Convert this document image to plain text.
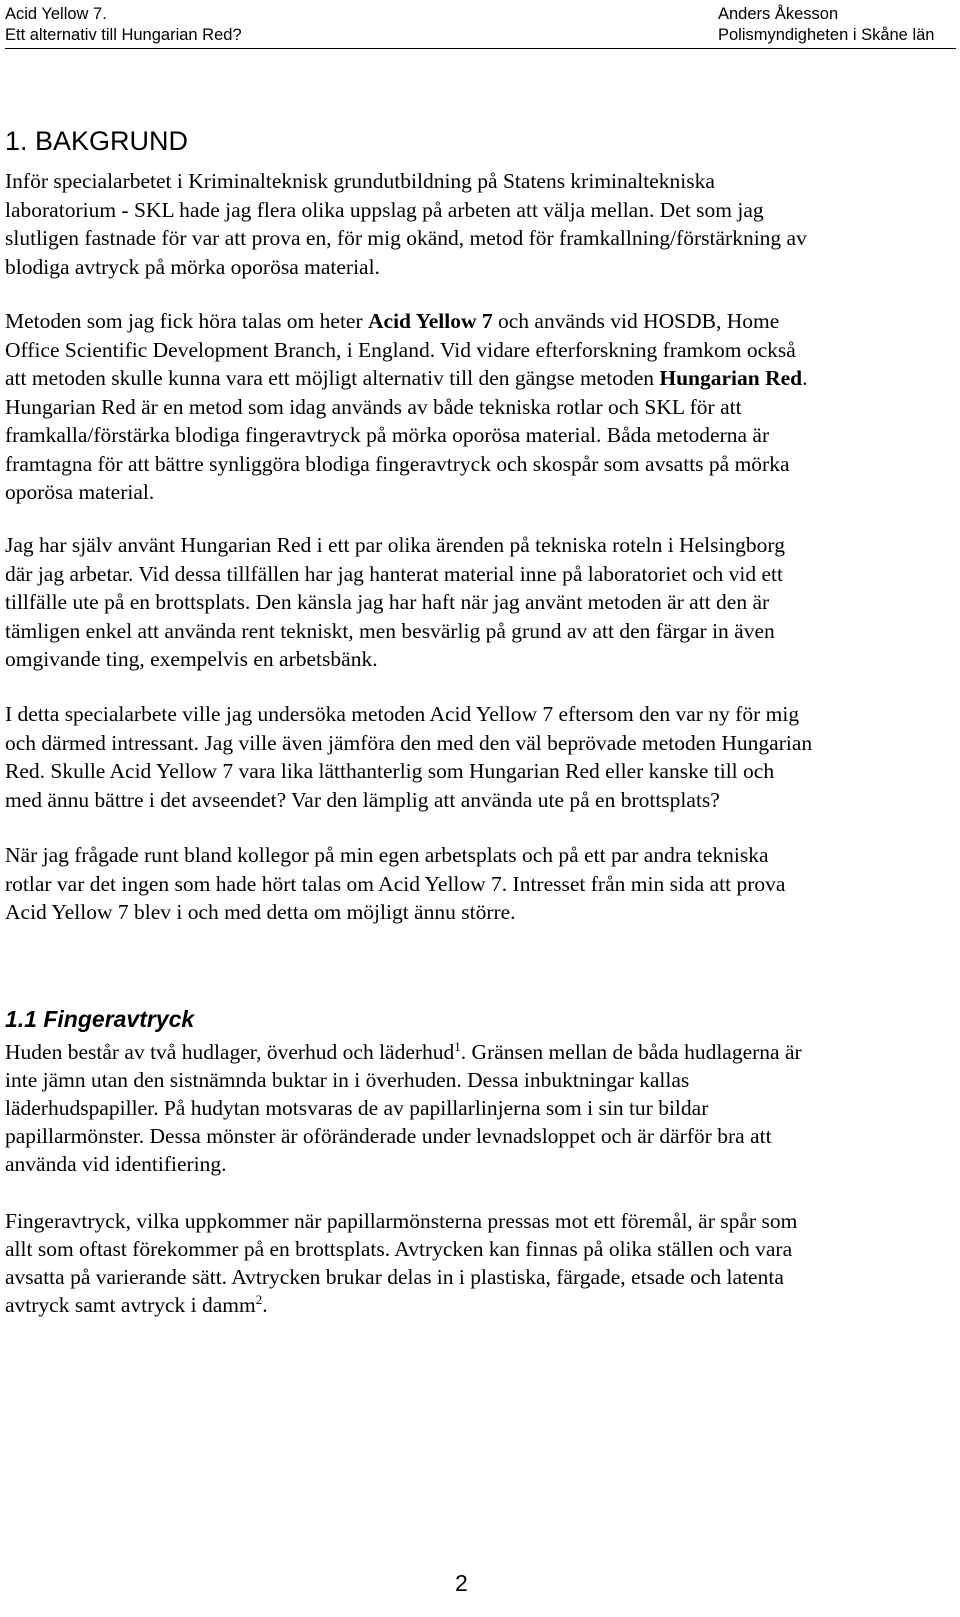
Acid Yellow 7.
Ett alternativ till Hungarian Red?
Anders Åkesson
Polismyndigheten i Skåne län
1. BAKGRUND

Inför specialarbetet i Kriminalteknisk grundutbildning på Statens kriminaltekniska
laboratorium - SKL hade jag flera olika uppslag på arbeten att välja mellan. Det som jag
slutligen fastnade för var att prova en, för mig okänd, metod för framkallning/förstärkning av
blodiga avtryck på mörka oporösa material.

Metoden som jag fick höra talas om heter Acid Yellow 7 och används vid HOSDB, Home
Office Scientific Development Branch, i England. Vid vidare efterforskning framkom också
att metoden skulle kunna vara ett möjligt alternativ till den gängse metoden Hungarian Red.
Hungarian Red är en metod som idag används av både tekniska rotlar och SKL för att
framkalla/förstärka blodiga fingeravtryck på mörka oporösa material. Båda metoderna är
framtagna för att bättre synliggöra blodiga fingeravtryck och skospår som avsatts på mörka
oporösa material.

Jag har själv använt Hungarian Red i ett par olika ärenden på tekniska roteln i Helsingborg
där jag arbetar. Vid dessa tillfällen har jag hanterat material inne på laboratoriet och vid ett
tillfälle ute på en brottsplats. Den känsla jag har haft när jag använt metoden är att den är
tämligen enkel att använda rent tekniskt, men besvärlig på grund av att den färgar in även
omgivande ting, exempelvis en arbetsbänk.

I detta specialarbete ville jag undersöka metoden Acid Yellow 7 eftersom den var ny för mig
och därmed intressant. Jag ville även jämföra den med den väl beprövade metoden Hungarian
Red. Skulle Acid Yellow 7 vara lika lätthanterlig som Hungarian Red eller kanske till och
med ännu bättre i det avseendet? Var den lämplig att använda ute på en brottsplats?

När jag frågade runt bland kollegor på min egen arbetsplats och på ett par andra tekniska
rotlar var det ingen som hade hört talas om Acid Yellow 7. Intresset från min sida att prova
Acid Yellow 7 blev i och med detta om möjligt ännu större.

1.1 Fingeravtryck

Huden består av två hudlager, överhud och läderhud$^1$. Gränsen mellan de båda hudlagerna är
inte jämn utan den sistnämnda buktar in i överhuden. Dessa inbuktningar kallas
läderhudspapiller. På hudytan motsvaras de av papillarlinjerna som i sin tur bildar
papillarmönster. Dessa mönster är oföränderade under levnadsloppet och är därför bra att
använda vid identifiering.

Fingeravtryck, vilka uppkommer när papillarmönsterna pressas mot ett föremål, är spår som
allt som oftast förekommer på en brottsplats. Avtrycken kan finnas på olika ställen och vara
avsatta på varierande sätt. Avtrycken brukar delas in i plastiska, färgade, etsade och latenta
avtryck samt avtryck i damm$^2$.

2
